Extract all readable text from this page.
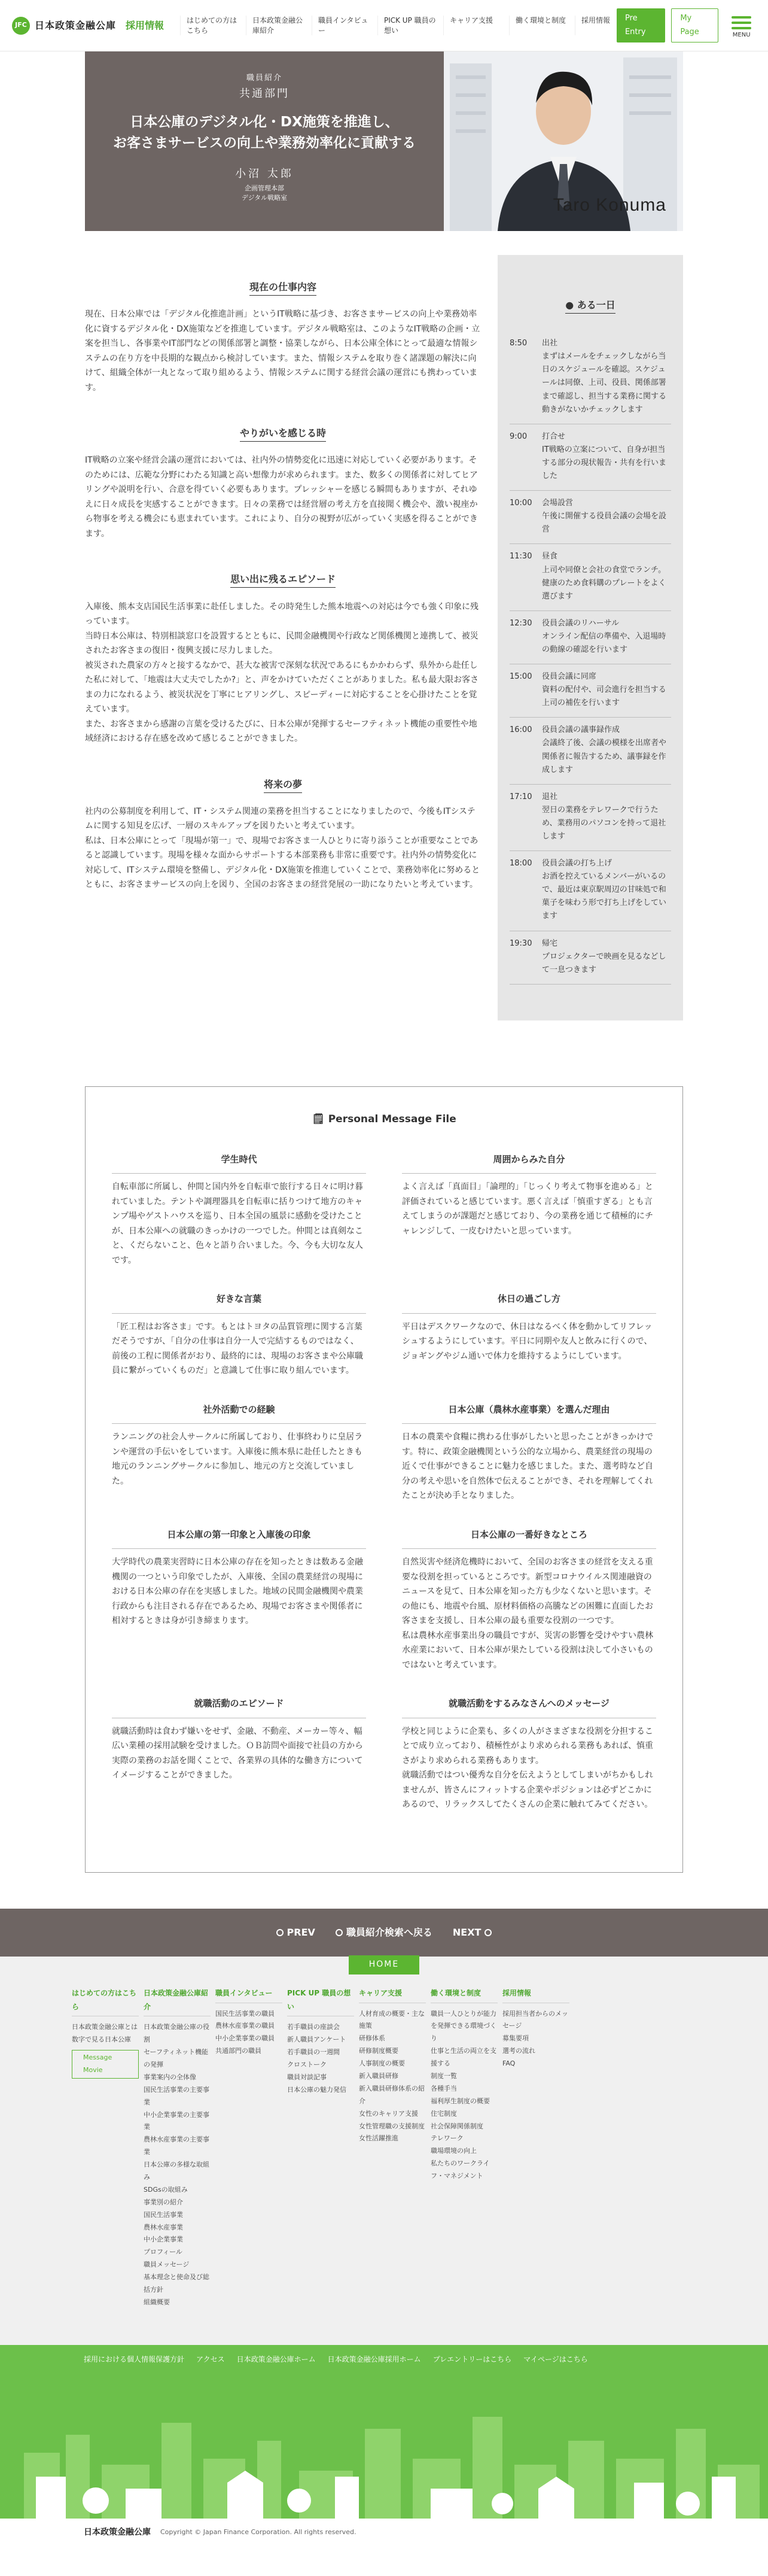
JFC 日本政策金融公庫 採用情報	はじめての方はこちら
日本政策金融公庫紹介
職員インタビュー
PICK UP 職員の想い
キャリア支援	働く環境と制度	採用情報	Pre Entry
My Page	MENU
職員紹介
共通部門
日本公庫のデジタル化・DX施策を推進し、
お客さまサービスの向上や業務効率化に貢献する
小沼 太郎
企画管理本部
デジタル戦略室	Taro Konuma
現在の仕事内容

現在、日本公庫では「デジタル化推進計画」というIT戦略に基づき、お客さまサービスの向上や業務効率化に資するデジタル化・DX施策などを推進しています。デジタル戦略室は、このようなIT戦略の企画・立案を担当し、各事業やIT部門などの関係部署と調整・協業しながら、日本公庫全体にとって最適な情報システムの在り方を中長期的な観点から検討しています。また、情報システムを取り巻く諸課題の解決に向けて、組織全体が一丸となって取り組めるよう、情報システムに関する経営会議の運営にも携わっています。

やりがいを感じる時

IT戦略の立案や経営会議の運営においては、社内外の情勢変化に迅速に対応していく必要があります。そのためには、広範な分野にわたる知識と高い想像力が求められます。また、数多くの関係者に対してヒアリングや説明を行い、合意を得ていく必要もあります。プレッシャーを感じる瞬間もありますが、それゆえに日々成長を実感することができます。日々の業務では経営層の考え方を直接聞く機会や、激い視座から物事を考える機会にも恵まれています。これにより、自分の視野が広がっていく実感を得ることができます。

思い出に残るエピソード

入庫後、熊本支店国民生活事業に赴任しました。その時発生した熊本地震への対応は今でも強く印象に残っています。
当時日本公庫は、特別相談窓口を設置するとともに、民間金融機関や行政など関係機関と連携して、被災されたお客さまの復旧・復興支援に尽力しました。
被災された農家の方々と接するなかで、甚大な被害で深刻な状況であるにもかかわらず、県外から赴任した私に対して、「地震は大丈夫でしたか?」と、声をかけていただくことがありました。私も最大限お客さまの力になれるよう、被災状況を丁寧にヒアリングし、スピーディーに対応することを心掛けたことを覚えています。
また、お客さまから感謝の言葉を受けるたびに、日本公庫が発揮するセーフティネット機能の重要性や地域経済における存在感を改めて感じることができました。

将来の夢

社内の公募制度を利用して、IT・システム関連の業務を担当することになりましたので、今後もITシステムに関する知見を広げ、一層のスキルアップを図りたいと考えています。
私は、日本公庫にとって「現場が第一」で、現場でお客さま一人ひとりに寄り添うことが重要なことであると認識しています。現場を様々な面からサポートする本部業務も非常に重要です。社内外の情勢変化に対応して、ITシステム環境を整備し、デジタル化・DX施策を推進していくことで、業務効率化に努めるとともに、お客さまサービスの向上を図り、全国のお客さまの経営発展の一助になりたいと考えています。

● ある一日
8:50	出社
まずはメールをチェックしながら当日のスケジュールを確認。スケジュールは同僚、上司、役員、関係部署まで確認し、担当する業務に関する動きがないかチェックします
9:00	打合せ
IT戦略の立案について、自身が担当する部分の現状報告・共有を行いました
10:00	会場設営
午後に開催する役員会議の会場を設営
11:30	昼食
上司や同僚と会社の食堂でランチ。健康のため食料購のプレートをよく選びます
12:30	役員会議のリハーサル
オンライン配信の準備や、入退場時の動線の確認を行います
15:00	役員会議に同席
資料の配付や、司会進行を担当する上司の補佐を行います
16:00	役員会議の議事録作成
会議終了後、会議の模様を出席者や関係者に報告するため、議事録を作成します
17:10	退社
翌日の業務をテレワークで行うため、業務用のパソコンを持って退社します
18:00	役員会議の打ち上げ
お酒を控えているメンバーがいるので、最近は東京駅周辺の甘味処で和菓子を味わう形で打ち上げをしています
19:30	帰宅
プロジェクターで映画を見るなどして一息つきます
🗒 Personal Message File
学生時代

自転車部に所属し、仲間と国内外を自転車で旅行する日々に明け暮れていました。テントや調理器具を自転車に括りつけて地方のキャンプ場やゲストハウスを巡り、日本全国の風景に感動を受けたことが、日本公庫への就職のきっかけの一つでした。仲間とは真剣なこと、くだらないこと、色々と語り合いました。今、今も大切な友人です。

周囲からみた自分

よく言えば「真面目」「論理的」「じっくり考えて物事を進める」と評価されていると感じています。悪く言えば「慎重すぎる」とも言えてしまうのが課題だと感じており、今の業務を通じて積極的にチャレンジして、一皮むけたいと思っています。

好きな言葉

「匠工程はお客さま」です。もとはトヨタの品質管理に関する言葉だそうですが、「自分の仕事は自分一人で完結するものではなく、前後の工程に関係者がおり、最終的には、現場のお客さまや公庫職員に繋がっていくものだ」と意識して仕事に取り組んでいます。

休日の過ごし方

平日はデスクワークなので、休日はなるべく体を動かしてリフレッシュするようにしています。平日に同期や友人と飲みに行くので、ジョギングやジム通いで体力を維持するようにしています。

社外活動での経験

ランニングの社会人サークルに所属しており、仕事終わりに皇居ランや運営の手伝いをしています。入庫後に熊本県に赴任したときも地元のランニングサークルに参加し、地元の方と交流していました。

日本公庫（農林水産事業）を選んだ理由

日本の農業や食糧に携わる仕事がしたいと思ったことがきっかけです。特に、政策金融機関という公的な立場から、農業経営の現場の近くで仕事ができることに魅力を感じました。また、選考時など自分の考えや思いを自然体で伝えることができ、それを理解してくれたことが決め手となりました。

日本公庫の第一印象と入庫後の印象

大学時代の農業実習時に日本公庫の存在を知ったときは数ある金融機関の一つという印象でしたが、入庫後、全国の農業経営の現場における日本公庫の存在を実感しました。地域の民間金融機関や農業行政からも注目される存在であるため、現場でお客さまや関係者に相対するときは身が引き締まります。

日本公庫の一番好きなところ

自然災害や経済危機時において、全国のお客さまの経営を支える重要な役割を担っているところです。新型コロナウイルス関連融資のニュースを見て、日本公庫を知った方も少なくないと思います。その他にも、地震や台風、原材料価格の高騰などの困難に直面したお客さまを支援し、日本公庫の最も重要な役割の一つです。
私は農林水産事業出身の職員ですが、災害の影響を受けやすい農林水産業において、日本公庫が果たしている役割は決して小さいものではないと考えています。

就職活動のエピソード

就職活動時は食わず嫌いをせず、金融、不動産、メーカー等々、幅広い業種の採用試験を受けました。ＯＢ訪問や面接で社員の方から実際の業務のお話を聞くことで、各業界の具体的な働き方についてイメージすることができました。

就職活動をするみなさんへのメッセージ

学校と同じように企業も、多くの人がさまざまな役割を分担することで成り立っており、積極性がより求められる業務もあれば、慎重さがより求められる業務もあります。
就職活動ではつい優秀な自分を伝えようとしてしまいがちかもしれませんが、皆さんにフィットする企業やポジションは必ずどこかにあるので、リラックスしてたくさんの企業に触れてみてください。

PREV	職員紹介検索へ戻る NEXT
HOME
はじめての方はこちら
日本政策金融公庫とは
数字で見る日本公庫
Message Movie
日本政策金融公庫紹介
日本政策金融公庫の役割
セーフティネット機能の発揮
事業案内の全体像
国民生活事業の主要事業
中小企業事業の主要事業
農林水産事業の主要事業
日本公庫の多様な取組み
SDGsの取組み
事業別の紹介
国民生活事業
農林水産事業
中小企業事業
プロフィール
職員メッセージ
基本理念と使命及び総括方針
組織概要
職員インタビュー
国民生活事業の職員
農林水産事業の職員
中小企業事業の職員
共通部門の職員
PICK UP 職員の想い
若手職員の座談会
新人職員アンケート
若手職員の一週間
クロストーク
職員対談記事
日本公庫の魅力発信
キャリア支援
人材育成の概要・主な施策
研修体系
研修制度概要
人事制度の概要
新入職員研修
新入職員研修体系の紹介
女性のキャリア支援
女性管理職の支援制度
女性活躍推進
働く環境と制度
職員一人ひとりが能力を発揮できる環境づくり
仕事と生活の両立を支援する
制度一覧
各種手当
福利厚生制度の概要
住宅制度
社会保障関係制度
テレワーク
職場環境の向上
私たちのワークライフ・マネジメント
採用情報
採用担当者からのメッセージ
募集要項
選考の流れ
FAQ
採用における個人情報保護方針 アクセス 日本政策金融公庫ホーム 日本政策金融公庫採用ホーム プレエントリーはこちら マイページはこちら
日本政策金融公庫 Copyright © Japan Finance Corporation. All rights reserved.
